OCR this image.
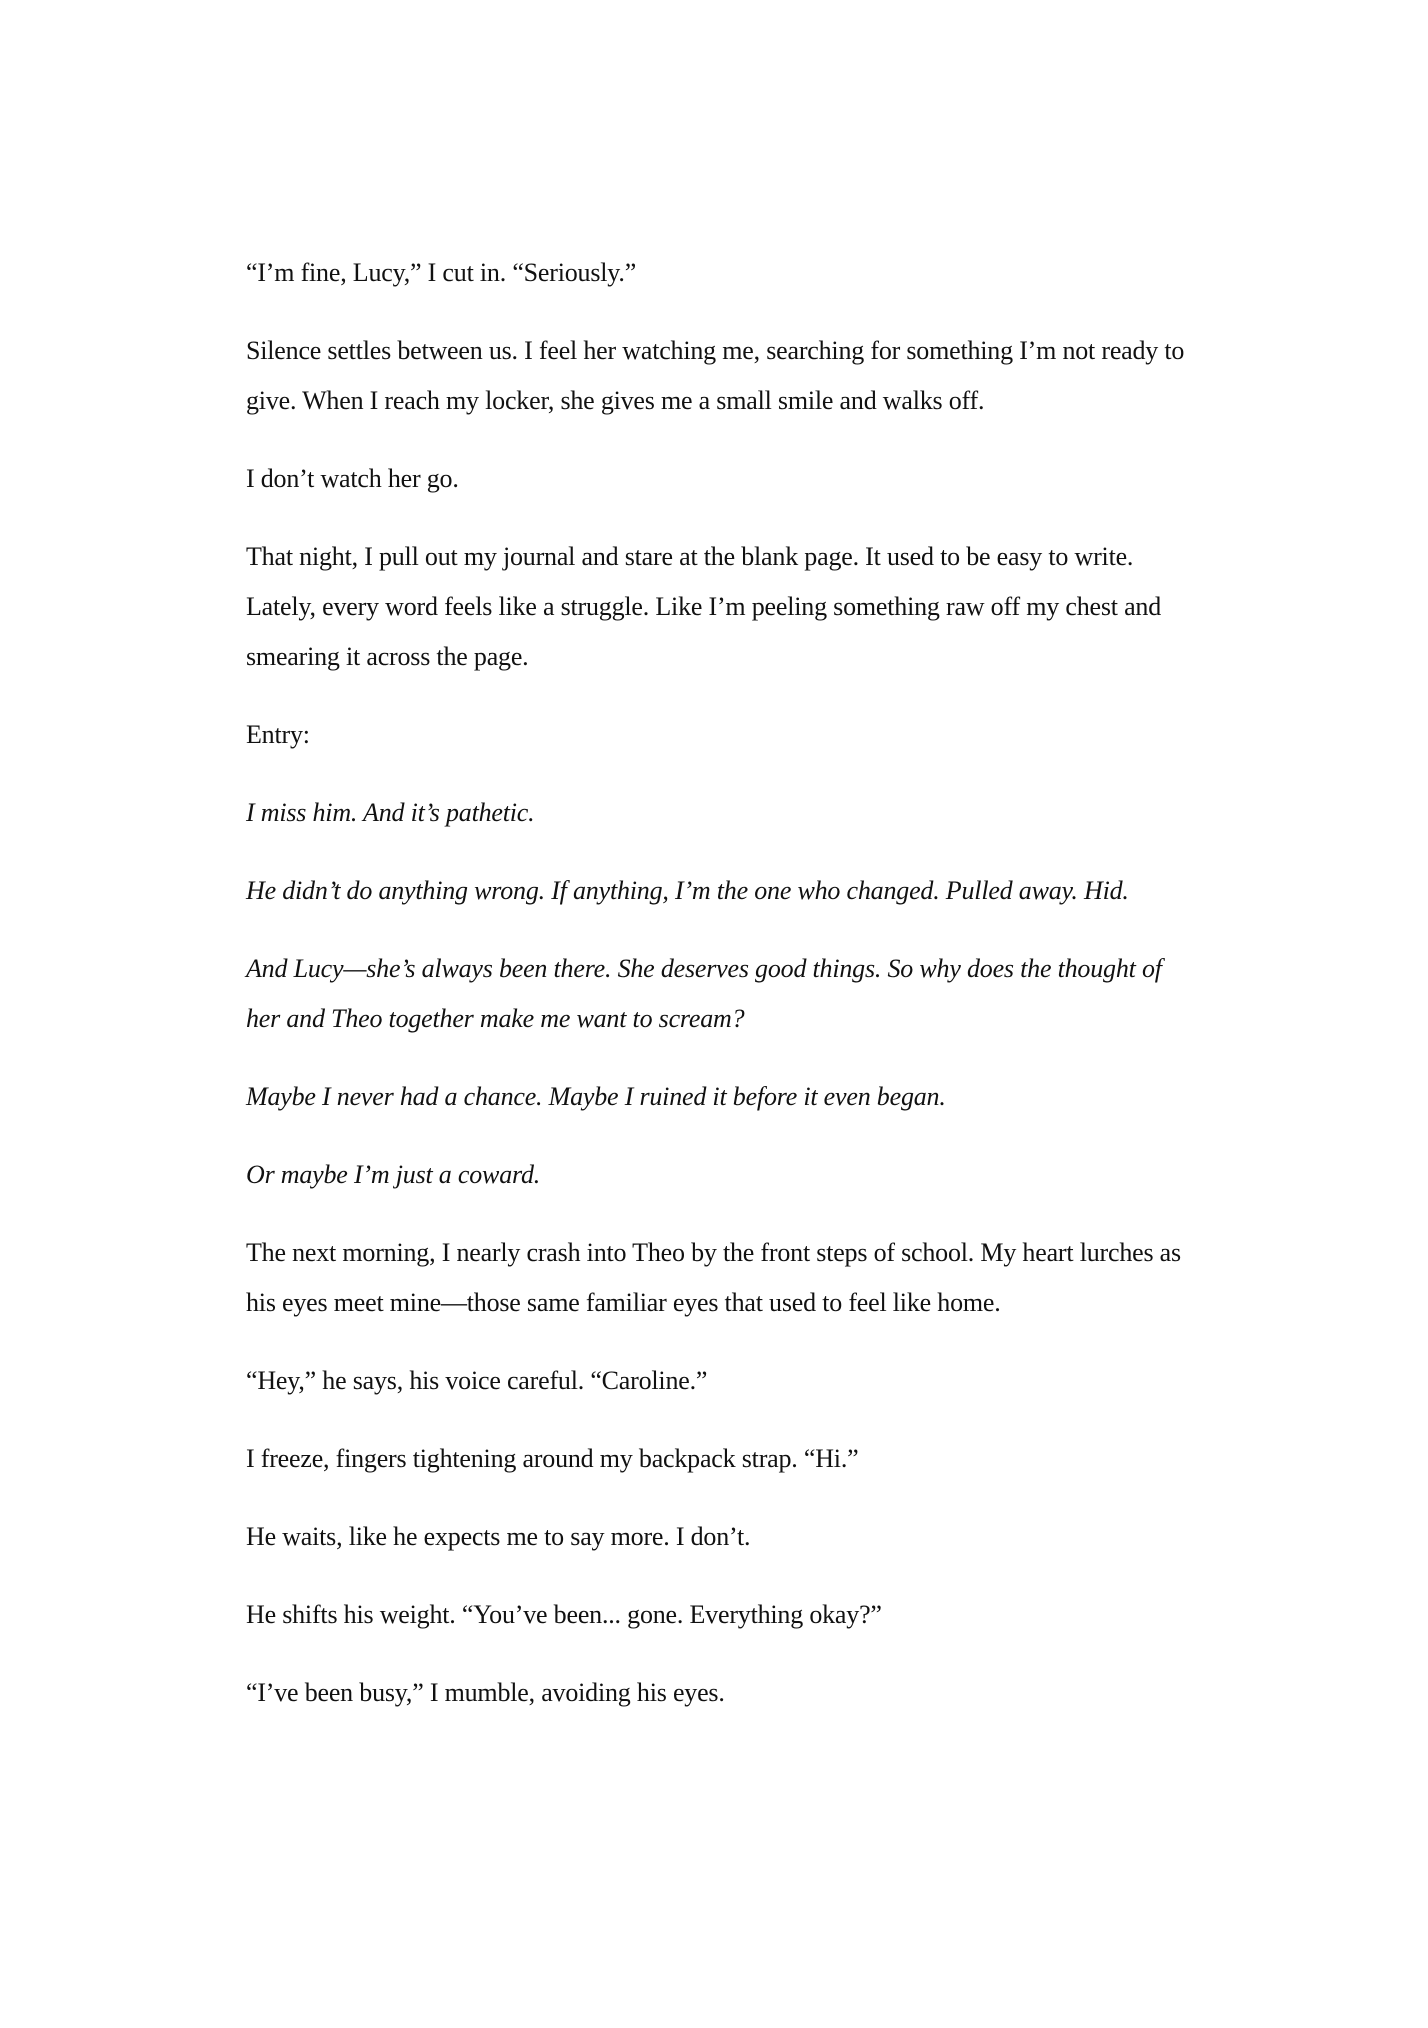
“I’m fine, Lucy,” I cut in. “Seriously.”

Silence settles between us. I feel her watching me, searching for something I’m not ready to give. When I reach my locker, she gives me a small smile and walks off.

I don’t watch her go.

That night, I pull out my journal and stare at the blank page. It used to be easy to write. Lately, every word feels like a struggle. Like I’m peeling something raw off my chest and smearing it across the page.

Entry:

I miss him. And it’s pathetic.

He didn’t do anything wrong. If anything, I’m the one who changed. Pulled away. Hid.

And Lucy—she’s always been there. She deserves good things. So why does the thought of her and Theo together make me want to scream?

Maybe I never had a chance. Maybe I ruined it before it even began.

Or maybe I’m just a coward.

The next morning, I nearly crash into Theo by the front steps of school. My heart lurches as his eyes meet mine—those same familiar eyes that used to feel like home.

“Hey,” he says, his voice careful. “Caroline.”

I freeze, fingers tightening around my backpack strap. “Hi.”

He waits, like he expects me to say more. I don’t.

He shifts his weight. “You’ve been... gone. Everything okay?”

“I’ve been busy,” I mumble, avoiding his eyes.
